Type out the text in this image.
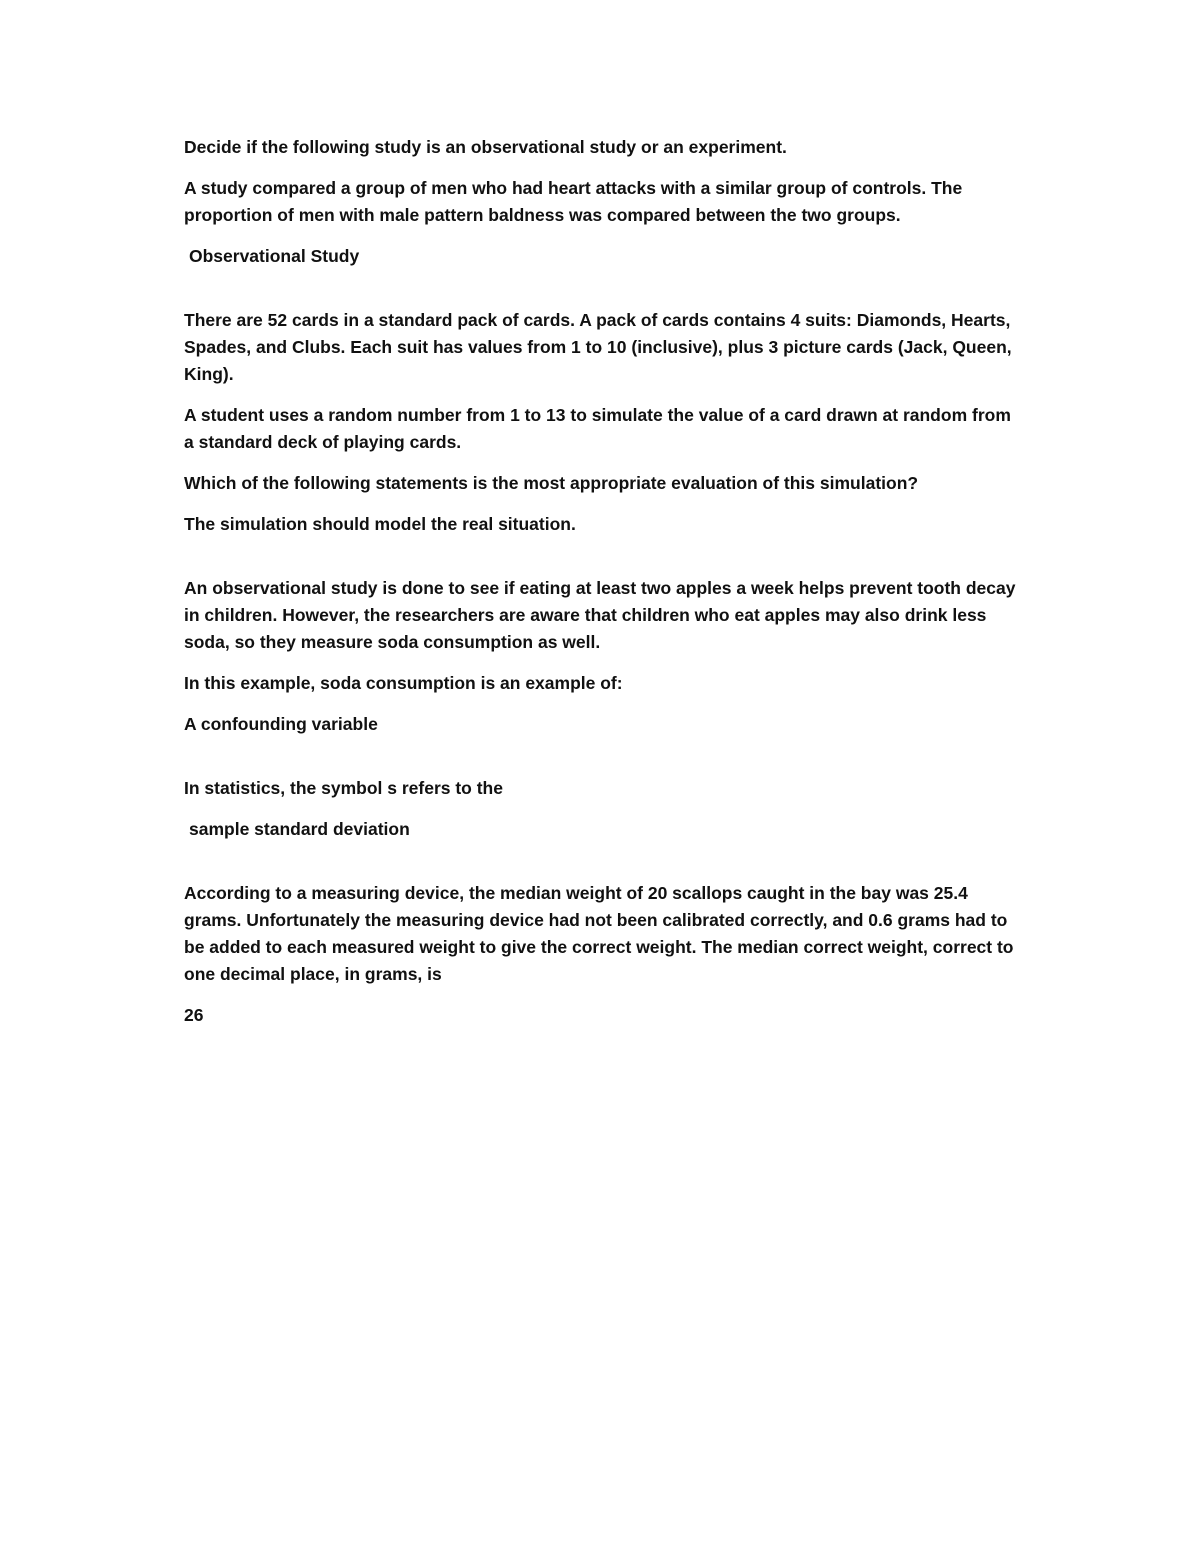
Decide if the following study is an observational study or an experiment.

A study compared a group of men who had heart attacks with a similar group of controls. The proportion of men with male pattern baldness was compared between the two groups.

Observational Study

There are 52 cards in a standard pack of cards. A pack of cards contains 4 suits: Diamonds, Hearts, Spades, and Clubs. Each suit has values from 1 to 10 (inclusive), plus 3 picture cards (Jack, Queen, King).

A student uses a random number from 1 to 13 to simulate the value of a card drawn at random from a standard deck of playing cards.

Which of the following statements is the most appropriate evaluation of this simulation?

The simulation should model the real situation.

An observational study is done to see if eating at least two apples a week helps prevent tooth decay in children. However, the researchers are aware that children who eat apples may also drink less soda, so they measure soda consumption as well.

In this example, soda consumption is an example of:

A confounding variable

In statistics, the symbol s refers to the

sample standard deviation

According to a measuring device, the median weight of 20 scallops caught in the bay was 25.4 grams. Unfortunately the measuring device had not been calibrated correctly, and 0.6 grams had to be added to each measured weight to give the correct weight. The median correct weight, correct to one decimal place, in grams, is

26
